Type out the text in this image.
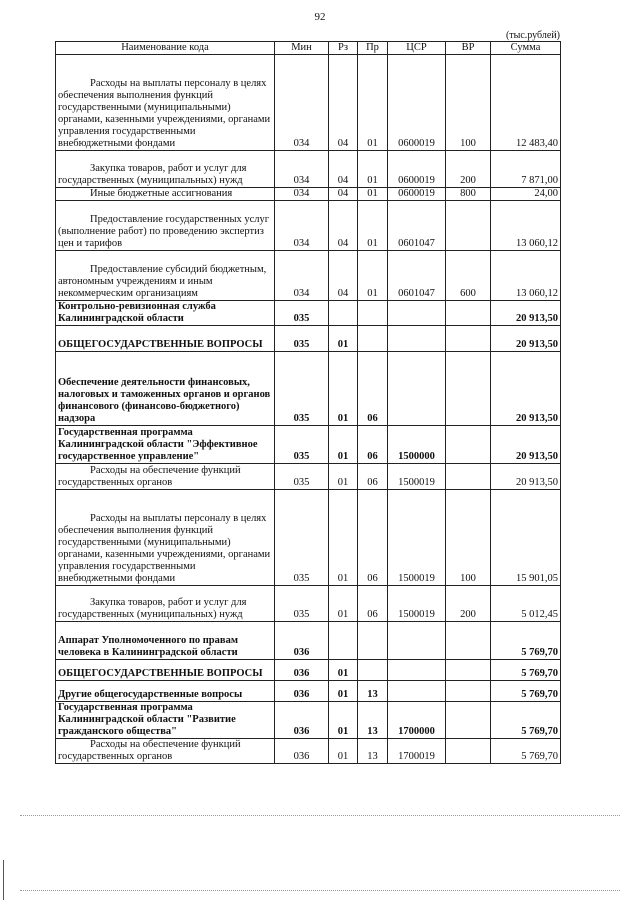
92
(тыс.рублей)
Наименование кода	Мин	Рз	Пр	ЦСР	ВР	Сумма
Расходы на выплаты персоналу в целях обеспечения выполнения функций государственными (муниципальными) органами, казенными учреждениями, органами управления государственными внебюджетными фондами	034	04	01	0600019	100	12 483,40
Закупка товаров, работ и услуг для государственных (муниципальных) нужд	034	04	01	0600019	200	7 871,00
Иные бюджетные ассигнования	034	04	01	0600019	800	24,00
Предоставление государственных услуг (выполнение работ) по проведению экспертиз цен и тарифов	034	04	01	0601047		13 060,12
Предоставление субсидий бюджетным, автономным учреждениям и иным некоммерческим организациям	034	04	01	0601047	600	13 060,12
Контрольно-ревизионная служба Калининградской области	035					20 913,50
ОБЩЕГОСУДАРСТВЕННЫЕ ВОПРОСЫ	035	01				20 913,50
Обеспечение деятельности финансовых, налоговых и таможенных органов и органов финансового (финансово-бюджетного) надзора	035	01	06			20 913,50
Государственная программа Калининградской области "Эффективное государственное управление"	035	01	06	1500000		20 913,50
Расходы на обеспечение функций государственных органов	035	01	06	1500019		20 913,50
Расходы на выплаты персоналу в целях обеспечения выполнения функций государственными (муниципальными) органами, казенными учреждениями, органами управления государственными внебюджетными фондами	035	01	06	1500019	100	15 901,05
Закупка товаров, работ и услуг для государственных (муниципальных) нужд	035	01	06	1500019	200	5 012,45
Аппарат Уполномоченного по правам человека в Калининградской области	036					5 769,70
ОБЩЕГОСУДАРСТВЕННЫЕ ВОПРОСЫ	036	01				5 769,70
Другие общегосударственные вопросы	036	01	13			5 769,70
Государственная программа Калининградской области "Развитие гражданского общества"	036	01	13	1700000		5 769,70
Расходы на обеспечение функций государственных органов	036	01	13	1700019		5 769,70
